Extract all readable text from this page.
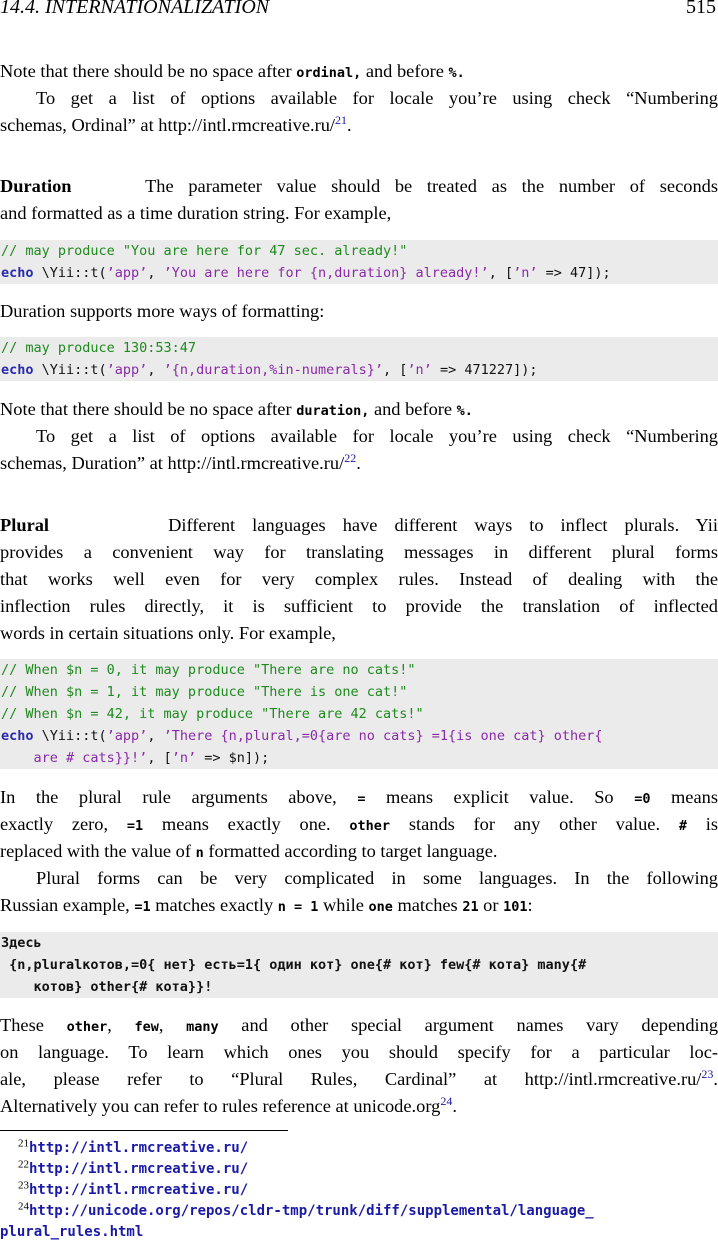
14.4. INTERNATIONALIZATION	515
Note that there should be no space after ordinal, and before %.
To get a list of options available for locale you’re using check “Numbering
schemas, Ordinal” at http://intl.rmcreative.ru/$^{21}$.
Duration	The parameter value should be treated as the number of seconds
and formatted as a time duration string. For example,
// may produce "You are here for 47 sec. already!"
echo \Yii::t(’app’, ’You are here for {n,duration} already!’, [’n’ => 47]);
Duration supports more ways of formatting:
// may produce 130:53:47
echo \Yii::t(’app’, ’{n,duration,%in-numerals}’, [’n’ => 471227]);
Note that there should be no space after duration, and before %.
To get a list of options available for locale you’re using check “Numbering
schemas, Duration” at http://intl.rmcreative.ru/$^{22}$.
Plural	Different languages have different ways to inflect plurals. Yii
provides a convenient way for translating messages in different plural forms
that works well even for very complex rules. Instead of dealing with the
inflection rules directly, it is sufficient to provide the translation of inflected
words in certain situations only. For example,
// When $n = 0, it may produce "There are no cats!"
// When $n = 1, it may produce "There is one cat!"
// When $n = 42, it may produce "There are 42 cats!"
echo \Yii::t(’app’, ’There {n,plural,=0{are no cats} =1{is one cat} other{
are # cats}}!’, [’n’ => $n]);
In the plural rule arguments above, = means explicit value. So =0 means
exactly zero, =1 means exactly one. other stands for any other value. # is
replaced with the value of n formatted according to target language.
Plural forms can be very complicated in some languages. In the following
Russian example, =1 matches exactly n = 1 while one matches 21 or 101:
Здесь
{n,pluralкотов,=0{ нет} есть=1{ один кот} one{# кот} few{# кота} many{#
котов} other{# кота}}!
These other, few, many and other special argument names vary depending
on language. To learn which ones you should specify for a particular loc-
ale, please refer to “Plural Rules, Cardinal” at http://intl.rmcreative.ru/$^{23}$.
Alternatively you can refer to rules reference at unicode.org$^{24}$.
$^{21}$http://intl.rmcreative.ru/
$^{22}$http://intl.rmcreative.ru/
$^{23}$http://intl.rmcreative.ru/
$^{24}$http://unicode.org/repos/cldr-tmp/trunk/diff/supplemental/language_
plural_rules.html
